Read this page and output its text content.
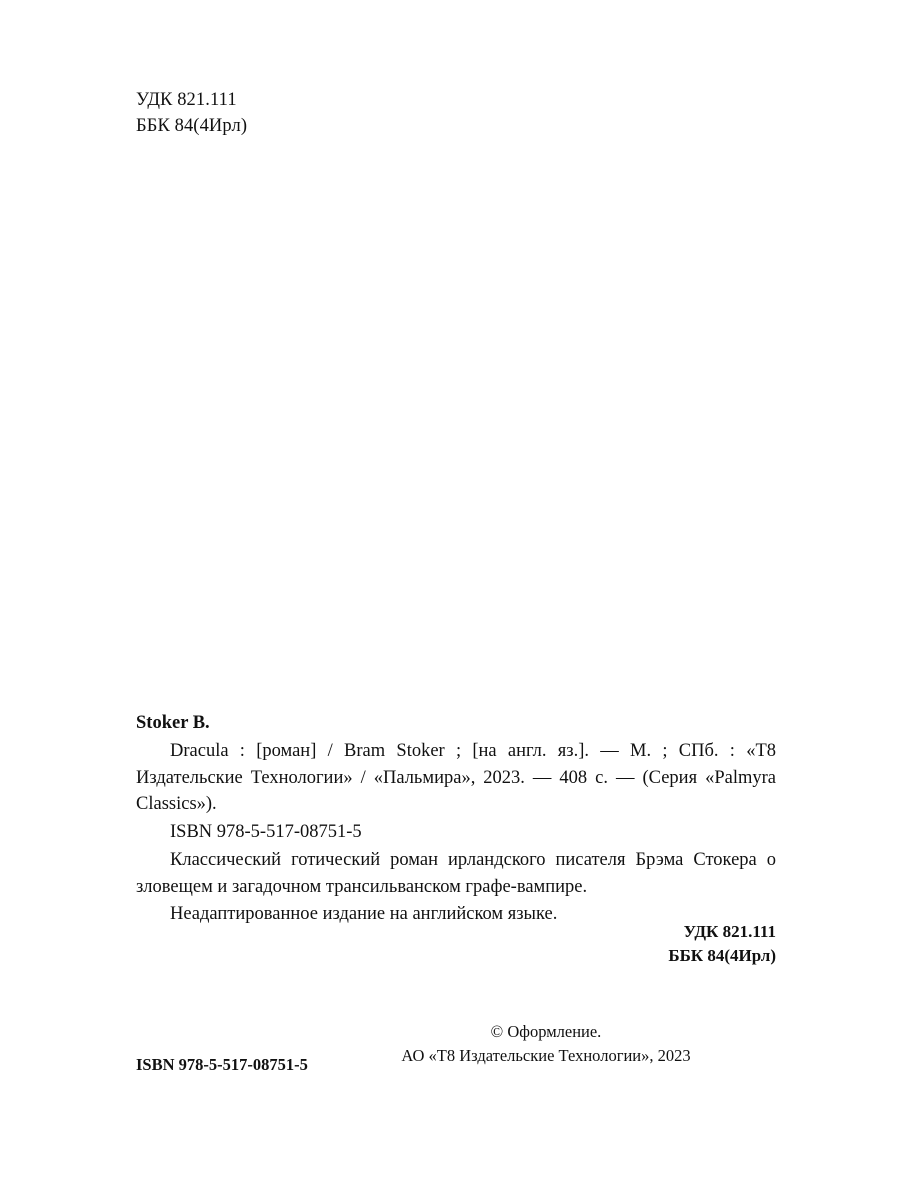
УДК 821.111
ББК 84(4Ирл)
Stoker B.
Dracula : [роман] / Bram Stoker ; [на англ. яз.]. — М. ; СПб. : «Т8 Издательские Технологии» / «Пальмира», 2023. — 408 с. — (Серия «Palmyra Classics»).
ISBN 978-5-517-08751-5
Классический готический роман ирландского писателя Брэма Стокера о зловещем и загадочном трансильванском графе-вампире.
Неадаптированное издание на английском языке.
УДК 821.111
ББК 84(4Ирл)
ISBN 978-5-517-08751-5
© Оформление.
АО «Т8 Издательские Технологии», 2023
